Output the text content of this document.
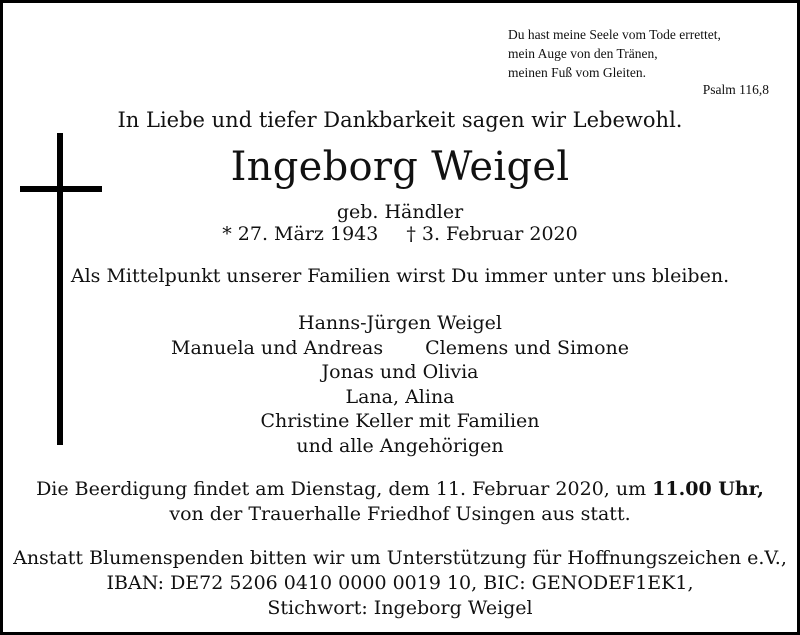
Du hast meine Seele vom Tode errettet,
mein Auge von den Tränen,
meinen Fuß vom Gleiten.
Psalm 116,8
In Liebe und tiefer Dankbarkeit sagen wir Lebewohl.
Ingeborg Weigel
geb. Händler
* 27. März 1943 † 3. Februar 2020
Als Mittelpunkt unserer Familien wirst Du immer unter uns bleiben.
Hanns-Jürgen Weigel
Manuela und Andreas Clemens und Simone
Jonas und Olivia
Lana, Alina
Christine Keller mit Familien
und alle Angehörigen
Die Beerdigung findet am Dienstag, dem 11. Februar 2020, um 11.00 Uhr,
von der Trauerhalle Friedhof Usingen aus statt.
Anstatt Blumenspenden bitten wir um Unterstützung für Hoffnungszeichen e.V.,
IBAN: DE72 5206 0410 0000 0019 10, BIC: GENODEF1EK1,
Stichwort: Ingeborg Weigel
